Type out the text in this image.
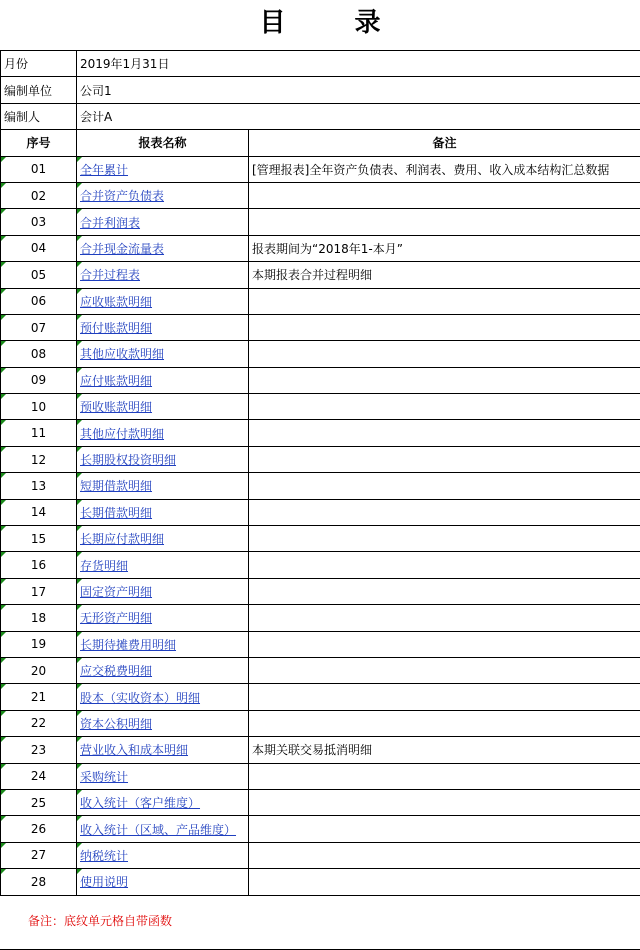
目 录
月份	2019年1月31日	
编制单位	公司1	
编制人	会计A	
序号	报表名称	备注
01	全年累计	[管理报表]全年资产负债表、利润表、费用、收入成本结构汇总数据
02	合并资产负债表	
03	合并利润表	
04	合并现金流量表	报表期间为“2018年1-本月”
05	合并过程表	本期报表合并过程明细
06	应收账款明细	
07	预付账款明细	
08	其他应收款明细	
09	应付账款明细	
10	预收账款明细	
11	其他应付款明细	
12	长期股权投资明细	
13	短期借款明细	
14	长期借款明细	
15	长期应付款明细	
16	存货明细	
17	固定资产明细	
18	无形资产明细	
19	长期待摊费用明细	
20	应交税费明细	
21	股本（实收资本）明细	
22	资本公积明细	
23	营业收入和成本明细	本期关联交易抵消明细
24	采购统计	
25	收入统计（客户维度）	
26	收入统计（区域、产品维度）	
27	纳税统计	
28	使用说明	
备注：底纹单元格自带函数
